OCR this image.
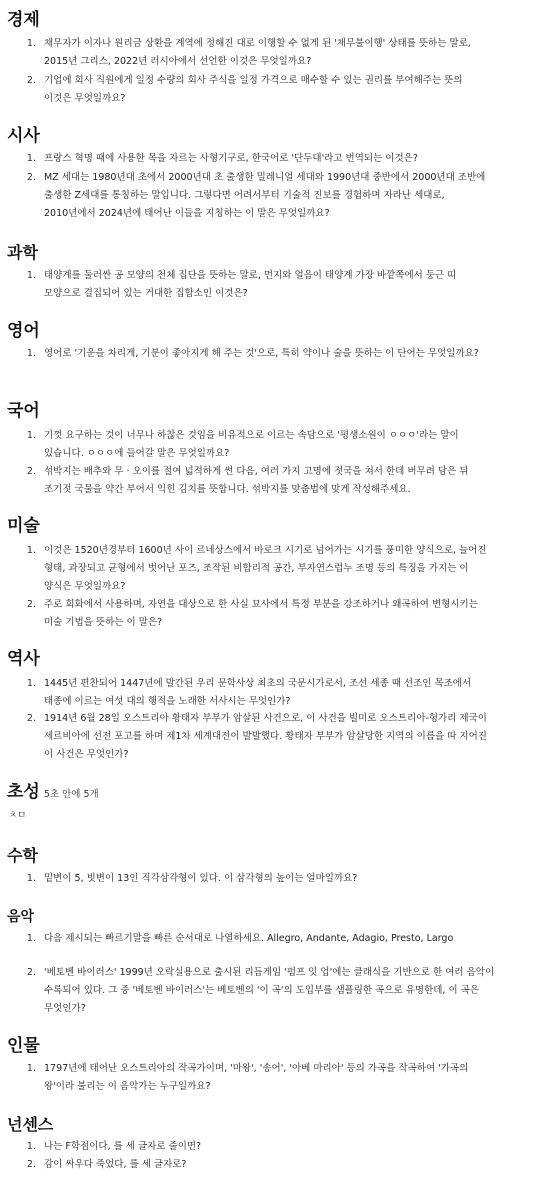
경제
1. 채무자가 이자나 원리금 상환을 계역에 정해진 대로 이행할 수 없게 된 '채무불이행' 상태를 뜻하는 말로,
2015년 그리스, 2022년 러시아에서 선언한 이것은 무엇일까요?
2. 기업에 회사 직원에게 일정 수량의 회사 주식을 일정 가격으로 매수할 수 있는 권리를 부여해주는 뜻의
이것은 무엇일까요?
시사
1. 프랑스 혁명 때에 사용한 목을 자르는 사형기구로, 한국어로 '단두대'라고 번역되는 이것은?
2. MZ 세대는 1980년대 초에서 2000년대 초 출생한 밀레니얼 세대와 1990년대 중반에서 2000년대 조반에
출생한 Z세대를 통칭하는 말입니다. 그렇다면 어려서부터 기술적 진보를 경험하며 자라난 세대로,
2010년에서 2024년에 태어난 이들을 지칭하는 이 말은 무엇일까요?
과학
1. 태양계를 둘러싼 공 모양의 천체 집단을 뜻하는 말로, 먼지와 얼음이 태양계 가장 바깥쪽에서 둥근 띠
모양으로 결집되어 있는 거대한 집합소인 이것은?
영어
1. 영어로 '기운을 차리게, 기분이 좋아지게 해 주는 것'으로, 특히 약이나 술을 뜻하는 이 단어는 무엇일까요?
국어
1. 기껏 요구하는 것이 너무나 하찮은 것임을 비유적으로 이르는 속담으로 '평생소원이 ㅇㅇㅇ'라는 말이
있습니다. ㅇㅇㅇ에 들어갈 말은 무엇일까요?
2. 섞박지는 배추와 무 · 오이를 절여 넓적하게 썬 다음, 여러 가지 고명에 젓국을 쳐서 한데 버무려 담은 뒤
조기젓 국물을 약간 부어서 익힌 김치를 뜻합니다. 섞박지를 맞춤법에 맞게 작성해주세요.
미술
1. 이것은 1520년경부터 1600년 사이 르네상스에서 바로크 시기로 넘어가는 시기를 풍미한 양식으로, 늘어진
형태, 과장되고 균형에서 벗어난 포즈, 조작된 비합리적 공간, 부자연스럽누 조명 등의 특징을 가지는 이
양식은 무엇일까요?
2. 주로 회화에서 사용하며, 자연을 대상으로 한 사실 묘사에서 특정 부분을 강조하거나 왜곡하여 변형시키는
미술 기법을 뜻하는 이 말은?
역사
1. 1445년 편찬되어 1447년에 발간된 우리 문학사상 최초의 국문시가로서, 조선 세종 때 선조인 목조에서
태종에 이르는 여섯 대의 행적을 노래한 서사시는 무엇인가?
2. 1914년 6월 28일 오스트리아 황태자 부부가 암살된 사건으로, 이 사건을 빌미로 오스트리아-헝가리 제국이
세르비아에 선전 포고를 하며 제1차 세계대전이 발발했다. 황태자 부부가 암살당한 지역의 이름을 따 지어진
이 사건은 무엇인가?
초성 5초 안에 5개
ㅊㅁ
수학
1. 밑변이 5, 빗변이 13인 직각삼각형이 있다. 이 삼각형의 높이는 얼마일까요?
음악
1. 다음 제시되는 빠르기말을 빠른 순서대로 나열하세요. Allegro, Andante, Adagio, Presto, Largo
2. '베토벤 바이러스' 1999년 오락실용으로 출시된 리듬게임 '펌프 잇 업'에는 클래식을 기반으로 한 여러 음악이
수록되어 있다. 그 중 '베토벤 바이러스'는 베토벤의 '이 곡'의 도입부를 샘플링한 곡으로 유명한데, 이 곡은
무엇인가?
인물
1. 1797년에 태어난 오스트리아의 작곡가이며, '마왕', '송어', '아베 마리아' 등의 가곡을 작곡하여 '가곡의
왕'이라 불리는 이 음악가는 누구일까요?
넌센스
1. 나는 F학점이다, 를 세 글자로 줄이면?
2. 감이 싸우다 죽었다, 를 세 글자로?
